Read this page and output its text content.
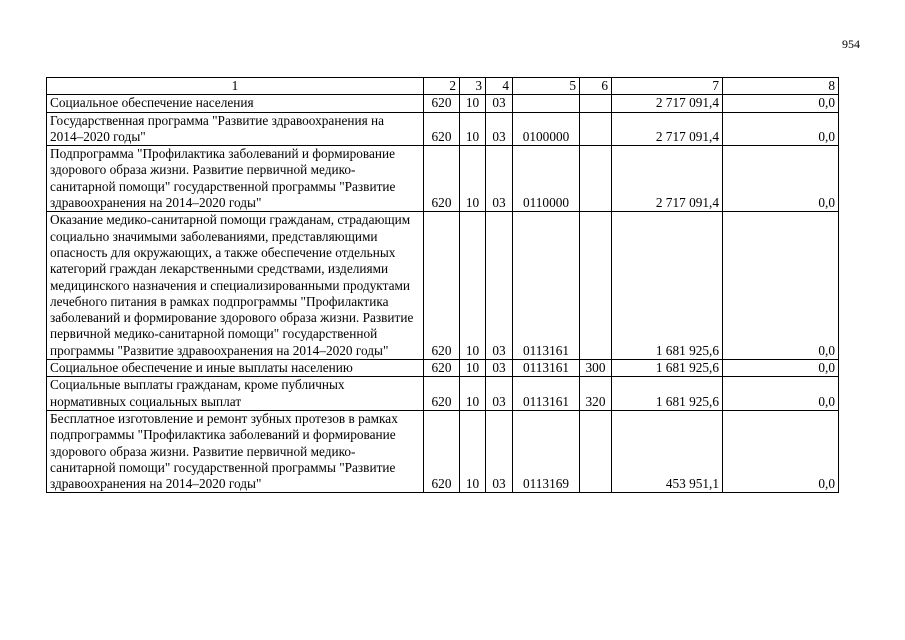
954
1	2	3	4	5	6	7	8
Социальное обеспечение населения	620	10	03			2 717 091,4	0,0
Государственная программа "Развитие здравоохранения на 2014–2020 годы"	620	10	03	0100000		2 717 091,4	0,0
Подпрограмма "Профилактика заболеваний и формирование здорового образа жизни. Развитие первичной медико-санитарной помощи" государственной программы "Развитие здравоохранения на 2014–2020 годы"	620	10	03	0110000		2 717 091,4	0,0
Оказание медико-санитарной помощи гражданам, страдающим социально значимыми заболеваниями, представляющими опасность для окружающих, а также обеспечение отдельных категорий граждан лекарственными средствами, изделиями медицинского назначения и специализированными продуктами лечебного питания в рамках подпрограммы "Профилактика заболеваний и формирование здорового образа жизни. Развитие первичной медико-санитарной помощи" государственной программы "Развитие здравоохранения на 2014–2020 годы"	620	10	03	0113161		1 681 925,6	0,0
Социальное обеспечение и иные выплаты населению	620	10	03	0113161	300	1 681 925,6	0,0
Социальные выплаты гражданам, кроме публичных нормативных социальных выплат	620	10	03	0113161	320	1 681 925,6	0,0
Бесплатное изготовление и ремонт зубных протезов в рамках подпрограммы "Профилактика заболеваний и формирование здорового образа жизни. Развитие первичной медико-санитарной помощи" государственной программы "Развитие здравоохранения на 2014–2020 годы"	620	10	03	0113169		453 951,1	0,0
